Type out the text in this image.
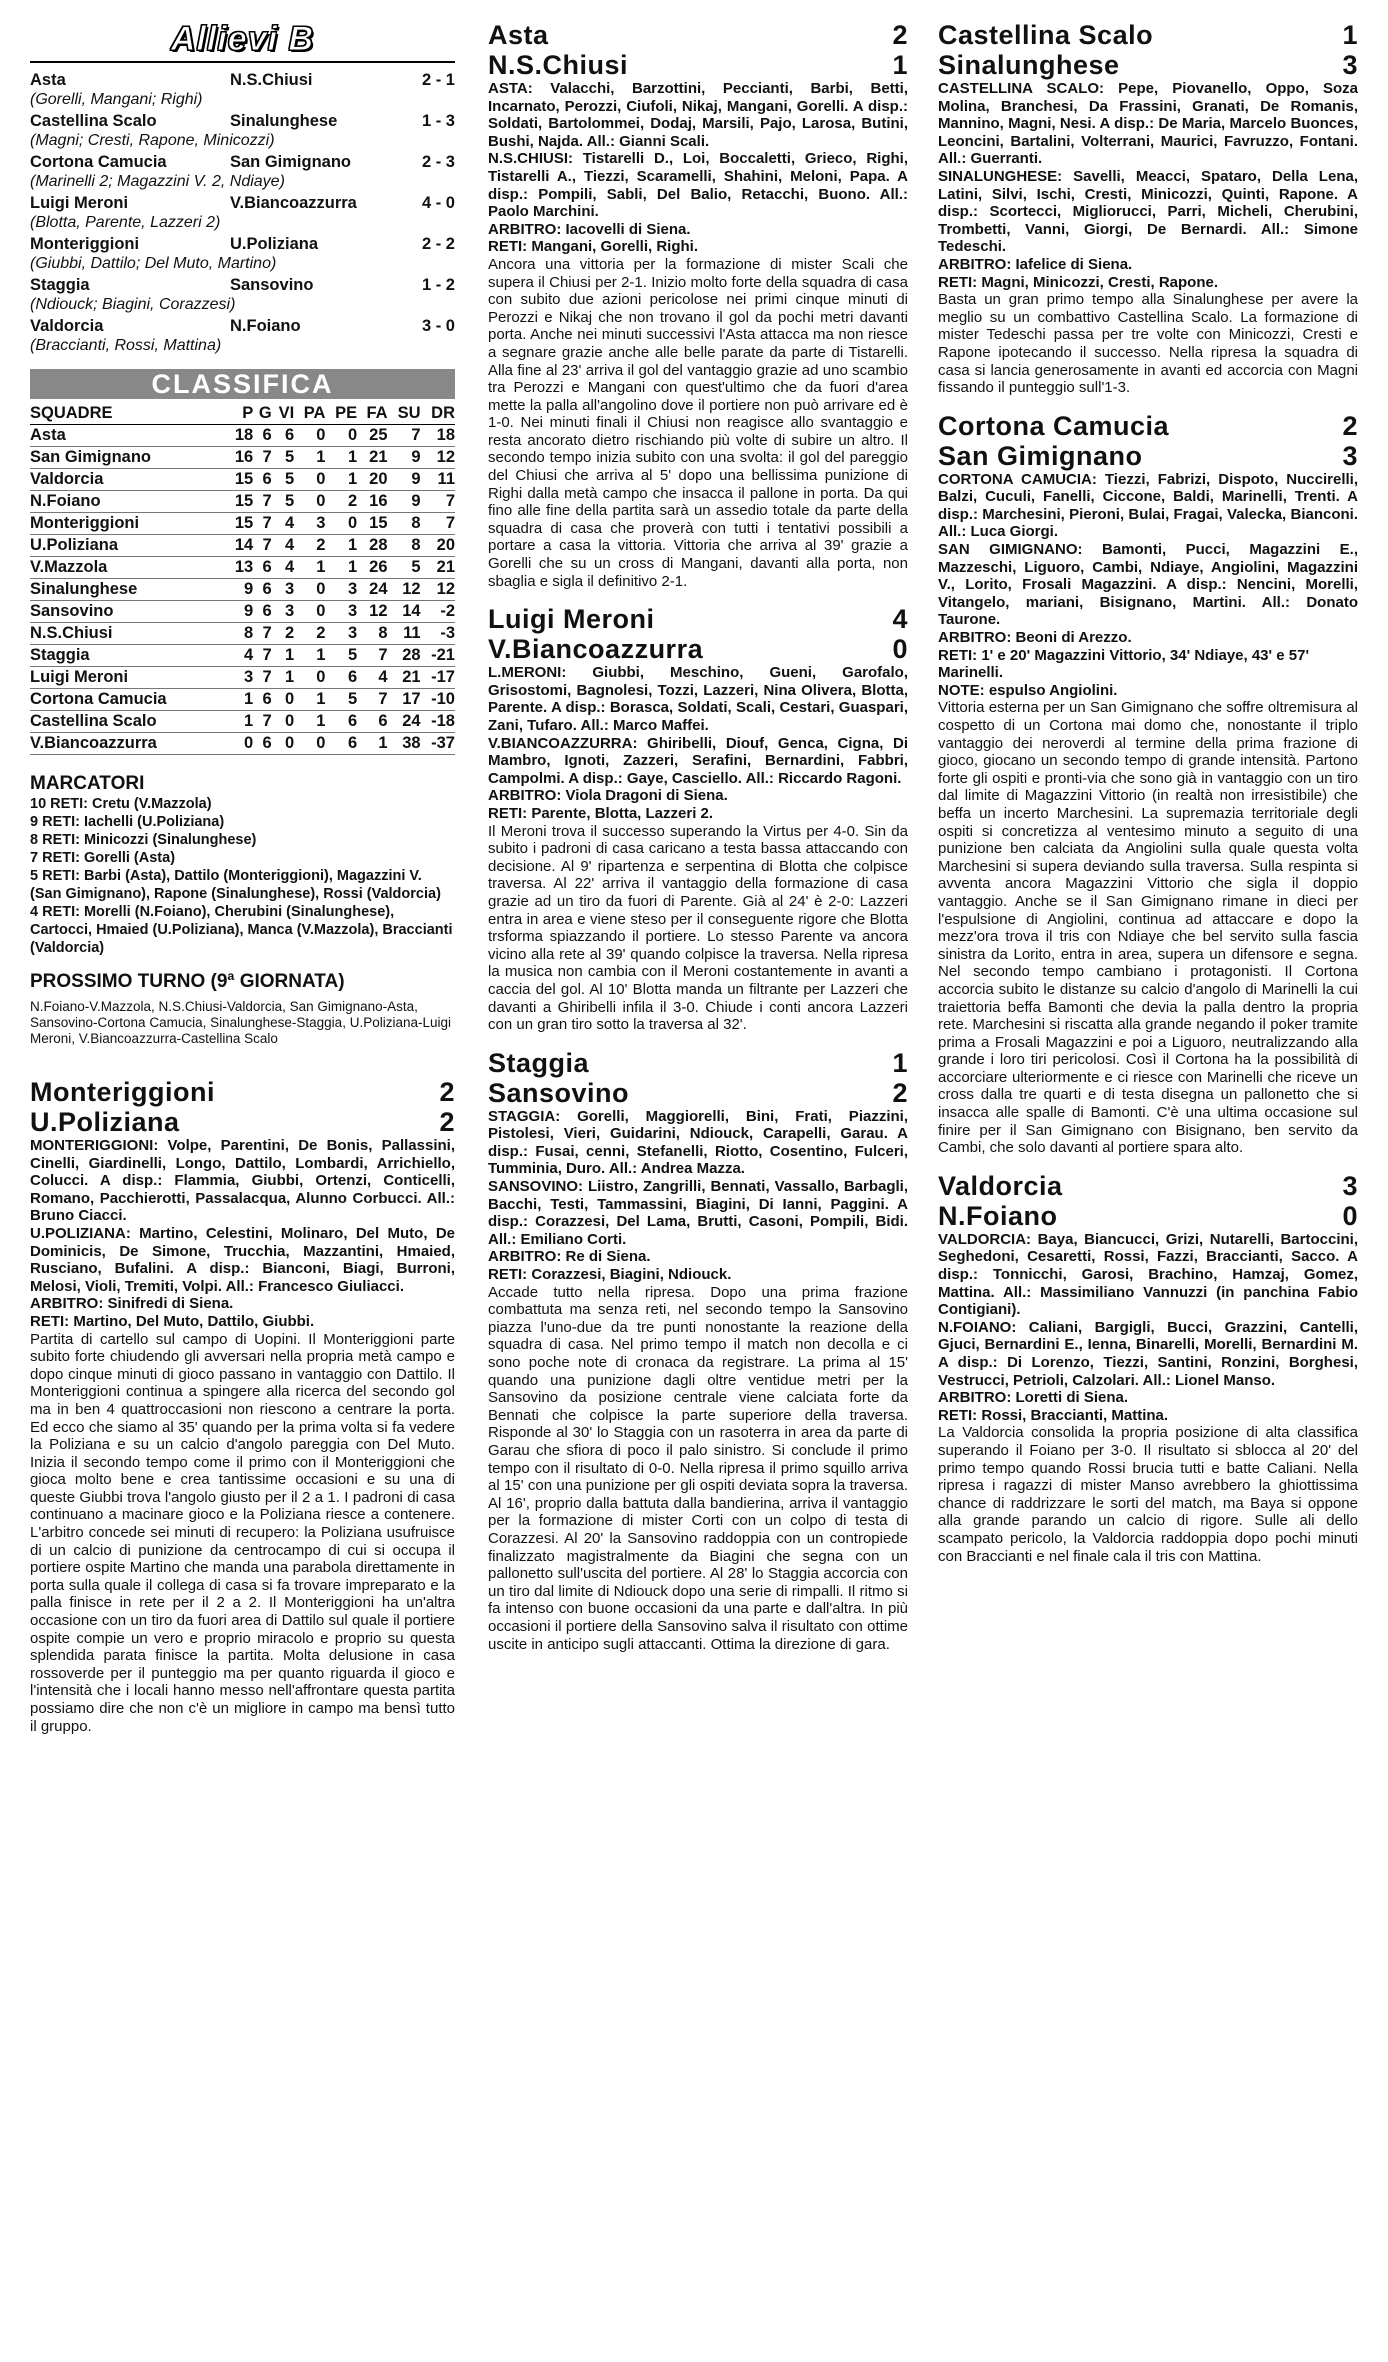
Allievi B
Asta	N.S.Chiusi	2 - 1
(Gorelli, Mangani; Righi)
Castellina Scalo	Sinalunghese	1 - 3
(Magni; Cresti, Rapone, Minicozzi)
Cortona Camucia	San Gimignano	2 - 3
(Marinelli 2; Magazzini V. 2, Ndiaye)
Luigi Meroni	V.Biancoazzurra	4 - 0
(Blotta, Parente, Lazzeri 2)
Monteriggioni	U.Poliziana	2 - 2
(Giubbi, Dattilo; Del Muto, Martino)
Staggia	Sansovino	1 - 2
(Ndiouck; Biagini, Corazzesi)
Valdorcia	N.Foiano	3 - 0
(Braccianti, Rossi, Mattina)
CLASSIFICA
SQUADRE	P	G	VI	PA	PE	FA	SU	DR
Asta	18	6	6	0	0	25	7	18
San Gimignano	16	7	5	1	1	21	9	12
Valdorcia	15	6	5	0	1	20	9	11
N.Foiano	15	7	5	0	2	16	9	7
Monteriggioni	15	7	4	3	0	15	8	7
U.Poliziana	14	7	4	2	1	28	8	20
V.Mazzola	13	6	4	1	1	26	5	21
Sinalunghese	9	6	3	0	3	24	12	12
Sansovino	9	6	3	0	3	12	14	-2
N.S.Chiusi	8	7	2	2	3	8	11	-3
Staggia	4	7	1	1	5	7	28	-21
Luigi Meroni	3	7	1	0	6	4	21	-17
Cortona Camucia	1	6	0	1	5	7	17	-10
Castellina Scalo	1	7	0	1	6	6	24	-18
V.Biancoazzurra	0	6	0	0	6	1	38	-37
MARCATORI
10 RETI: Cretu (V.Mazzola)
9 RETI: Iachelli (U.Poliziana)
8 RETI: Minicozzi (Sinalunghese)
7 RETI: Gorelli (Asta)
5 RETI: Barbi (Asta), Dattilo (Monteriggioni), Magazzini V. (San Gimignano), Rapone (Sinalunghese), Rossi (Valdorcia)
4 RETI: Morelli (N.Foiano), Cherubini (Sinalunghese), Cartocci, Hmaied (U.Poliziana), Manca (V.Mazzola), Braccianti (Valdorcia)
PROSSIMO TURNO (9ª GIORNATA)
N.Foiano-V.Mazzola, N.S.Chiusi-Valdorcia, San Gimignano-Asta, Sansovino-Cortona Camucia, Sinalunghese-Staggia, U.Poliziana-Luigi Meroni, V.Biancoazzurra-Castellina Scalo
Monteriggioni	2
U.Poliziana	2
MONTERIGGIONI: Volpe, Parentini, De Bonis, Pallassini, Cinelli, Giardinelli, Longo, Dattilo, Lombardi, Arrichiello, Colucci. A disp.: Flammia, Giubbi, Ortenzi, Conticelli, Romano, Pacchierotti, Passalacqua, Alunno Corbucci. All.: Bruno Ciacci.
U.POLIZIANA: Martino, Celestini, Molinaro, Del Muto, De Dominicis, De Simone, Trucchia, Mazzantini, Hmaied, Rusciano, Bufalini. A disp.: Bianconi, Biagi, Burroni, Melosi, Violi, Tremiti, Volpi. All.: Francesco Giuliacci.
ARBITRO: Sinifredi di Siena.
RETI: Martino, Del Muto, Dattilo, Giubbi.
Partita di cartello sul campo di Uopini. Il Monteriggioni parte subito forte chiudendo gli avversari nella propria metà campo e dopo cinque minuti di gioco passano in vantaggio con Dattilo. Il Monteriggioni continua a spingere alla ricerca del secondo gol ma in ben 4 quattroccasioni non riescono a centrare la porta. Ed ecco che siamo al 35' quando per la prima volta si fa vedere la Poliziana e su un calcio d'angolo pareggia con Del Muto. Inizia il secondo tempo come il primo con il Monteriggioni che gioca molto bene e crea tantissime occasioni e su una di queste Giubbi trova l'angolo giusto per il 2 a 1. I padroni di casa continuano a macinare gioco e la Poliziana riesce a contenere. L'arbitro concede sei minuti di recupero: la Poliziana usufruisce di un calcio di punizione da centrocampo di cui si occupa il portiere ospite Martino che manda una parabola direttamente in porta sulla quale il collega di casa si fa trovare impreparato e la palla finisce in rete per il 2 a 2. Il Monteriggioni ha un'altra occasione con un tiro da fuori area di Dattilo sul quale il portiere ospite compie un vero e proprio miracolo e proprio su questa splendida parata finisce la partita. Molta delusione in casa rossoverde per il punteggio ma per quanto riguarda il gioco e l'intensità che i locali hanno messo nell'affrontare questa partita possiamo dire che non c'è un migliore in campo ma bensì tutto il gruppo.
Asta	2
N.S.Chiusi	1
ASTA: Valacchi, Barzottini, Peccianti, Barbi, Betti, Incarnato, Perozzi, Ciufoli, Nikaj, Mangani, Gorelli. A disp.: Soldati, Bartolommei, Dodaj, Marsili, Pajo, Larosa, Butini, Bushi, Najda. All.: Gianni Scali.
N.S.CHIUSI: Tistarelli D., Loi, Boccaletti, Grieco, Righi, Tistarelli A., Tiezzi, Scaramelli, Shahini, Meloni, Papa. A disp.: Pompili, Sabli, Del Balio, Retacchi, Buono. All.: Paolo Marchini.
ARBITRO: Iacovelli di Siena.
RETI: Mangani, Gorelli, Righi.
Ancora una vittoria per la formazione di mister Scali che supera il Chiusi per 2-1. Inizio molto forte della squadra di casa con subito due azioni pericolose nei primi cinque minuti di Perozzi e Nikaj che non trovano il gol da pochi metri davanti porta. Anche nei minuti successivi l'Asta attacca ma non riesce a segnare grazie anche alle belle parate da parte di Tistarelli. Alla fine al 23' arriva il gol del vantaggio grazie ad uno scambio tra Perozzi e Mangani con quest'ultimo che da fuori d'area mette la palla all'angolino dove il portiere non può arrivare ed è 1-0. Nei minuti finali il Chiusi non reagisce allo svantaggio e resta ancorato dietro rischiando più volte di subire un altro. Il secondo tempo inizia subito con una svolta: il gol del pareggio del Chiusi che arriva al 5' dopo una bellissima punizione di Righi dalla metà campo che insacca il pallone in porta. Da qui fino alle fine della partita sarà un assedio totale da parte della squadra di casa che proverà con tutti i tentativi possibili a portare a casa la vittoria. Vittoria che arriva al 39' grazie a Gorelli che su un cross di Mangani, davanti alla porta, non sbaglia e sigla il definitivo 2-1.
Luigi Meroni	4
V.Biancoazzurra	0
L.MERONI: Giubbi, Meschino, Gueni, Garofalo, Grisostomi, Bagnolesi, Tozzi, Lazzeri, Nina Olivera, Blotta, Parente. A disp.: Borasca, Soldati, Scali, Cestari, Guaspari, Zani, Tufaro. All.: Marco Maffei.
V.BIANCOAZZURRA: Ghiribelli, Diouf, Genca, Cigna, Di Mambro, Ignoti, Zazzeri, Serafini, Bernardini, Fabbri, Campolmi. A disp.: Gaye, Casciello. All.: Riccardo Ragoni.
ARBITRO: Viola Dragoni di Siena.
RETI: Parente, Blotta, Lazzeri 2.
Il Meroni trova il successo superando la Virtus per 4-0. Sin da subito i padroni di casa caricano a testa bassa attaccando con decisione. Al 9' ripartenza e serpentina di Blotta che colpisce traversa. Al 22' arriva il vantaggio della formazione di casa grazie ad un tiro da fuori di Parente. Già al 24' è 2-0: Lazzeri entra in area e viene steso per il conseguente rigore che Blotta trsforma spiazzando il portiere. Lo stesso Parente va ancora vicino alla rete al 39' quando colpisce la traversa. Nella ripresa la musica non cambia con il Meroni costantemente in avanti a caccia del gol. Al 10' Blotta manda un filtrante per Lazzeri che davanti a Ghiribelli infila il 3-0. Chiude i conti ancora Lazzeri con un gran tiro sotto la traversa al 32'.
Staggia	1
Sansovino	2
STAGGIA: Gorelli, Maggiorelli, Bini, Frati, Piazzini, Pistolesi, Vieri, Guidarini, Ndiouck, Carapelli, Garau. A disp.: Fusai, cenni, Stefanelli, Riotto, Cosentino, Fulceri, Tumminia, Duro. All.: Andrea Mazza.
SANSOVINO: Liistro, Zangrilli, Bennati, Vassallo, Barbagli, Bacchi, Testi, Tammassini, Biagini, Di Ianni, Paggini. A disp.: Corazzesi, Del Lama, Brutti, Casoni, Pompili, Bidi. All.: Emiliano Corti.
ARBITRO: Re di Siena.
RETI: Corazzesi, Biagini, Ndiouck.
Accade tutto nella ripresa. Dopo una prima frazione combattuta ma senza reti, nel secondo tempo la Sansovino piazza l'uno-due da tre punti nonostante la reazione della squadra di casa. Nel primo tempo il match non decolla e ci sono poche note di cronaca da registrare. La prima al 15' quando una punizione dagli oltre ventidue metri per la Sansovino da posizione centrale viene calciata forte da Bennati che colpisce la parte superiore della traversa. Risponde al 30' lo Staggia con un rasoterra in area da parte di Garau che sfiora di poco il palo sinistro. Si conclude il primo tempo con il risultato di 0-0. Nella ripresa il primo squillo arriva al 15' con una punizione per gli ospiti deviata sopra la traversa. Al 16', proprio dalla battuta dalla bandierina, arriva il vantaggio per la formazione di mister Corti con un colpo di testa di Corazzesi. Al 20' la Sansovino raddoppia con un contropiede finalizzato magistralmente da Biagini che segna con un pallonetto sull'uscita del portiere. Al 28' lo Staggia accorcia con un tiro dal limite di Ndiouck dopo una serie di rimpalli. Il ritmo si fa intenso con buone occasioni da una parte e dall'altra. In più occasioni il portiere della Sansovino salva il risultato con ottime uscite in anticipo sugli attaccanti. Ottima la direzione di gara.
Castellina Scalo	1
Sinalunghese	3
CASTELLINA SCALO: Pepe, Piovanello, Oppo, Soza Molina, Branchesi, Da Frassini, Granati, De Romanis, Mannino, Magni, Nesi. A disp.: De Maria, Marcelo Buonces, Leoncini, Bartalini, Volterrani, Maurici, Favruzzo, Fontani. All.: Guerranti.
SINALUNGHESE: Savelli, Meacci, Spataro, Della Lena, Latini, Silvi, Ischi, Cresti, Minicozzi, Quinti, Rapone. A disp.: Scortecci, Migliorucci, Parri, Micheli, Cherubini, Trombetti, Vanni, Giorgi, De Bernardi. All.: Simone Tedeschi.
ARBITRO: Iafelice di Siena.
RETI: Magni, Minicozzi, Cresti, Rapone.
Basta un gran primo tempo alla Sinalunghese per avere la meglio su un combattivo Castellina Scalo. La formazione di mister Tedeschi passa per tre volte con Minicozzi, Cresti e Rapone ipotecando il successo. Nella ripresa la squadra di casa si lancia generosamente in avanti ed accorcia con Magni fissando il punteggio sull'1-3.
Cortona Camucia	2
San Gimignano	3
CORTONA CAMUCIA: Tiezzi, Fabrizi, Dispoto, Nuccirelli, Balzi, Cuculi, Fanelli, Ciccone, Baldi, Marinelli, Trenti. A disp.: Marchesini, Pieroni, Bulai, Fragai, Valecka, Bianconi. All.: Luca Giorgi.
SAN GIMIGNANO: Bamonti, Pucci, Magazzini E., Mazzeschi, Liguoro, Cambi, Ndiaye, Angiolini, Magazzini V., Lorito, Frosali Magazzini. A disp.: Nencini, Morelli, Vitangelo, mariani, Bisignano, Martini. All.: Donato Taurone.
ARBITRO: Beoni di Arezzo.
RETI: 1' e 20' Magazzini Vittorio, 34' Ndiaye, 43' e 57' Marinelli.
NOTE: espulso Angiolini.
Vittoria esterna per un San Gimignano che soffre oltremisura al cospetto di un Cortona mai domo che, nonostante il triplo vantaggio dei neroverdi al termine della prima frazione di gioco, giocano un secondo tempo di grande intensità. Partono forte gli ospiti e pronti-via che sono già in vantaggio con un tiro dal limite di Magazzini Vittorio (in realtà non irresistibile) che beffa un incerto Marchesini. La supremazia territoriale degli ospiti si concretizza al ventesimo minuto a seguito di una punizione ben calciata da Angiolini sulla quale questa volta Marchesini si supera deviando sulla traversa. Sulla respinta si avventa ancora Magazzini Vittorio che sigla il doppio vantaggio. Anche se il San Gimignano rimane in dieci per l'espulsione di Angiolini, continua ad attaccare e dopo la mezz'ora trova il tris con Ndiaye che bel servito sulla fascia sinistra da Lorito, entra in area, supera un difensore e segna. Nel secondo tempo cambiano i protagonisti. Il Cortona accorcia subito le distanze su calcio d'angolo di Marinelli la cui traiettoria beffa Bamonti che devia la palla dentro la propria rete. Marchesini si riscatta alla grande negando il poker tramite prima a Frosali Magazzini e poi a Liguoro, neutralizzando alla grande i loro tiri pericolosi. Così il Cortona ha la possibilità di accorciare ulteriormente e ci riesce con Marinelli che riceve un cross dalla tre quarti e di testa disegna un pallonetto che si insacca alle spalle di Bamonti. C'è una ultima occasione sul finire per il San Gimignano con Bisignano, ben servito da Cambi, che solo davanti al portiere spara alto.
Valdorcia	3
N.Foiano	0
VALDORCIA: Baya, Biancucci, Grizi, Nutarelli, Bartoccini, Seghedoni, Cesaretti, Rossi, Fazzi, Braccianti, Sacco. A disp.: Tonnicchi, Garosi, Brachino, Hamzaj, Gomez, Mattina. All.: Massimiliano Vannuzzi (in panchina Fabio Contigiani).
N.FOIANO: Caliani, Bargigli, Bucci, Grazzini, Cantelli, Gjuci, Bernardini E., Ienna, Binarelli, Morelli, Bernardini M. A disp.: Di Lorenzo, Tiezzi, Santini, Ronzini, Borghesi, Vestrucci, Petrioli, Calzolari. All.: Lionel Manso.
ARBITRO: Loretti di Siena.
RETI: Rossi, Braccianti, Mattina.
La Valdorcia consolida la propria posizione di alta classifica superando il Foiano per 3-0. Il risultato si sblocca al 20' del primo tempo quando Rossi brucia tutti e batte Caliani. Nella ripresa i ragazzi di mister Manso avrebbero la ghiottissima chance di raddrizzare le sorti del match, ma Baya si oppone alla grande parando un calcio di rigore. Sulle ali dello scampato pericolo, la Valdorcia raddoppia dopo pochi minuti con Braccianti e nel finale cala il tris con Mattina.
